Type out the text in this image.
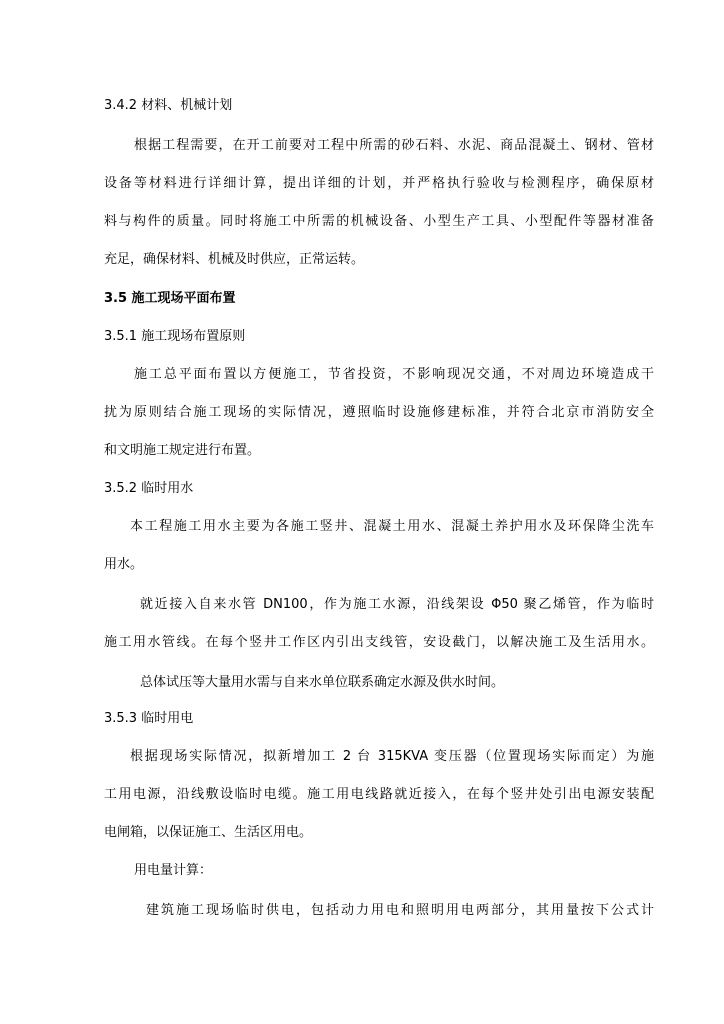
3.4.2 材料、机械计划
根据工程需要，在开工前要对工程中所需的砂石料、水泥、商品混凝土、钢材、管材
设备等材料进行详细计算，提出详细的计划，并严格执行验收与检测程序，确保原材
料与构件的质量。同时将施工中所需的机械设备、小型生产工具、小型配件等器材准备
充足，确保材料、机械及时供应，正常运转。
3.5 施工现场平面布置
3.5.1 施工现场布置原则
施工总平面布置以方便施工，节省投资，不影响现况交通，不对周边环境造成干
扰为原则结合施工现场的实际情况，遵照临时设施修建标准，并符合北京市消防安全
和文明施工规定进行布置。
3.5.2 临时用水
本工程施工用水主要为各施工竖井、混凝土用水、混凝土养护用水及环保降尘洗车
用水。
就近接入自来水管 DN100，作为施工水源，沿线架设 Φ50 聚乙烯管，作为临时
施工用水管线。在每个竖井工作区内引出支线管，安设截门，以解决施工及生活用水。
总体试压等大量用水需与自来水单位联系确定水源及供水时间。
3.5.3 临时用电
根据现场实际情况，拟新增加工 2 台 315KVA 变压器（位置现场实际而定）为施
工用电源，沿线敷设临时电缆。施工用电线路就近接入，在每个竖井处引出电源安装配
电闸箱，以保证施工、生活区用电。
用电量计算：
建筑施工现场临时供电，包括动力用电和照明用电两部分，其用量按下公式计
